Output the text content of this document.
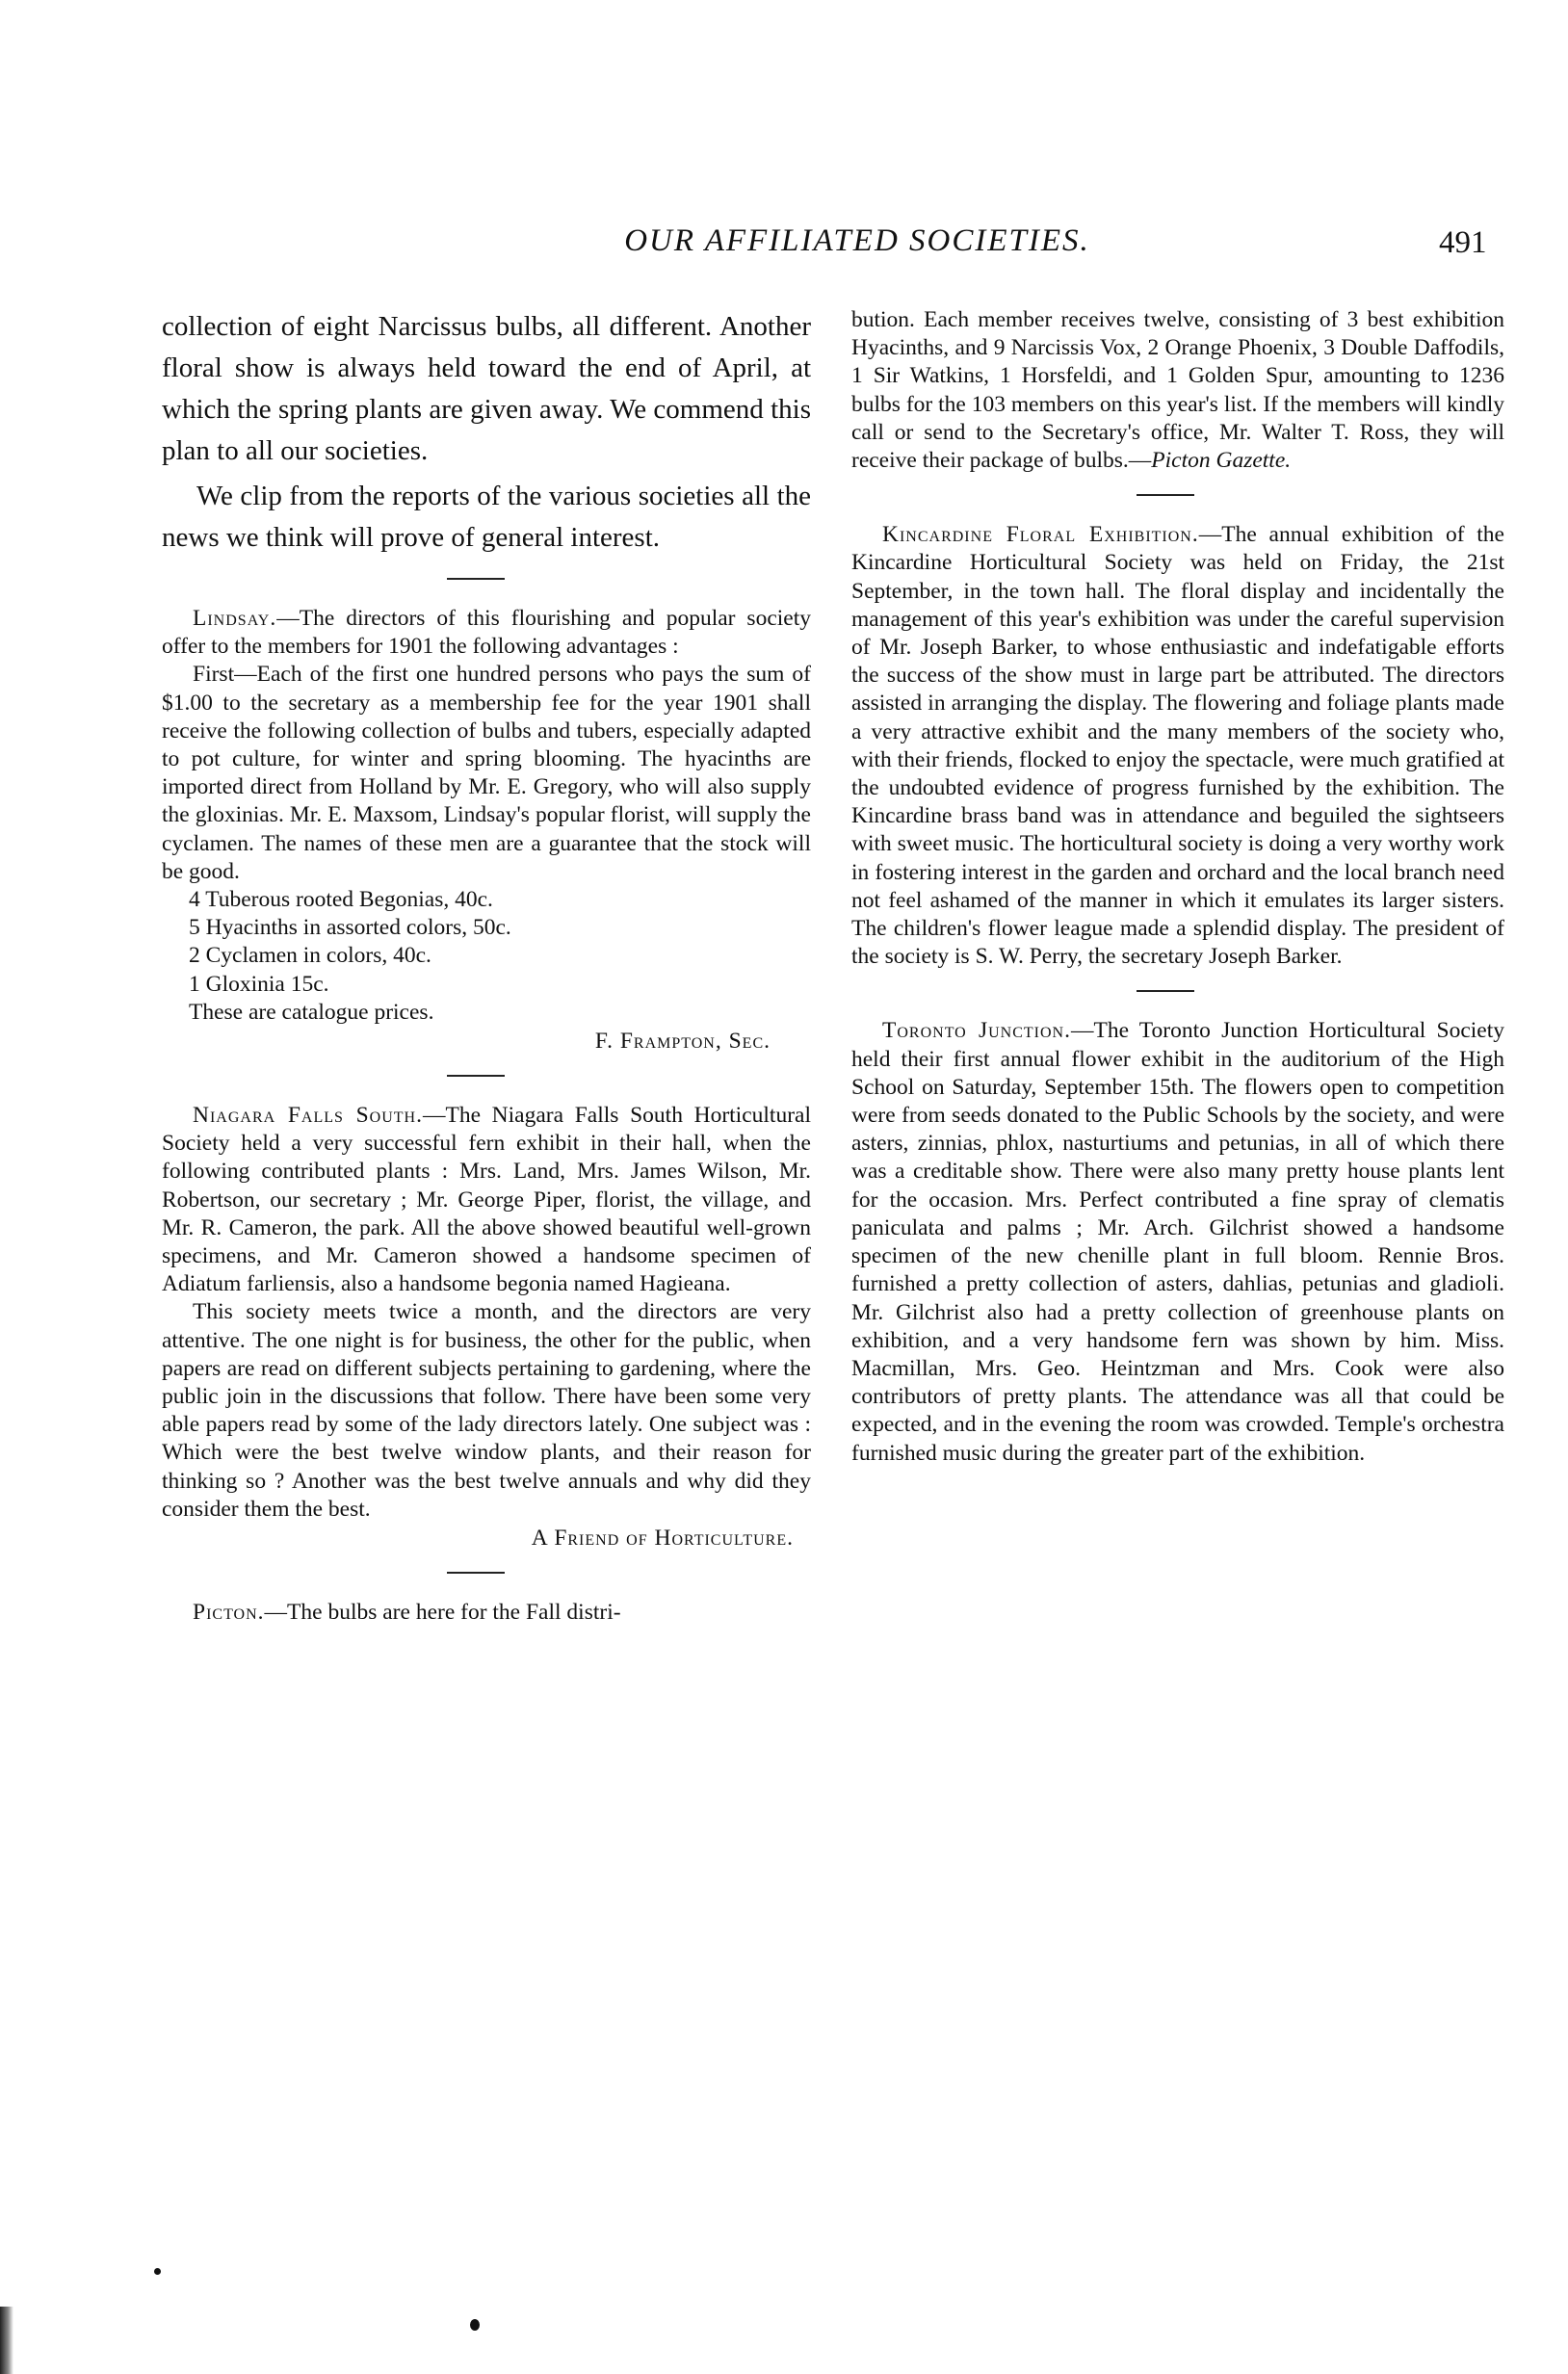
OUR AFFILIATED SOCIETIES.	491

collection of eight Narcissus bulbs, all different. Another floral show is always held toward the end of April, at which the spring plants are given away. We commend this plan to all our societies.

We clip from the reports of the various societies all the news we think will prove of general interest.

Lindsay.—The directors of this flourishing and popular society offer to the members for 1901 the following advantages :

First—Each of the first one hundred persons who pays the sum of $1.00 to the secretary as a membership fee for the year 1901 shall receive the following collection of bulbs and tubers, especially adapted to pot culture, for winter and spring blooming. The hyacinths are imported direct from Holland by Mr. E. Gregory, who will also supply the gloxinias. Mr. E. Maxsom, Lindsay's popular florist, will supply the cyclamen. The names of these men are a guarantee that the stock will be good.

4 Tuberous rooted Begonias, 40c.

5 Hyacinths in assorted colors, 50c.

2 Cyclamen in colors, 40c.

1 Gloxinia 15c.

These are catalogue prices.

F. Frampton, Sec.

Niagara Falls South.—The Niagara Falls South Horticultural Society held a very successful fern exhibit in their hall, when the following contributed plants : Mrs. Land, Mrs. James Wilson, Mr. Robertson, our secretary ; Mr. George Piper, florist, the village, and Mr. R. Cameron, the park. All the above showed beautiful well-grown specimens, and Mr. Cameron showed a handsome specimen of Adiatum farliensis, also a handsome begonia named Hagieana.

This society meets twice a month, and the directors are very attentive. The one night is for business, the other for the public, when papers are read on different subjects pertaining to gardening, where the public join in the discussions that follow. There have been some very able papers read by some of the lady directors lately. One subject was : Which were the best twelve window plants, and their reason for thinking so ? Another was the best twelve annuals and why did they consider them the best.

A Friend of Horticulture.

Picton.—The bulbs are here for the Fall distri-

bution. Each member receives twelve, consisting of 3 best exhibition Hyacinths, and 9 Narcissis Vox, 2 Orange Phoenix, 3 Double Daffodils, 1 Sir Watkins, 1 Horsfeldi, and 1 Golden Spur, amounting to 1236 bulbs for the 103 members on this year's list. If the members will kindly call or send to the Secretary's office, Mr. Walter T. Ross, they will receive their package of bulbs.—Picton Gazette.

Kincardine Floral Exhibition.—The annual exhibition of the Kincardine Horticultural Society was held on Friday, the 21st September, in the town hall. The floral display and incidentally the management of this year's exhibition was under the careful supervision of Mr. Joseph Barker, to whose enthusiastic and indefatigable efforts the success of the show must in large part be attributed. The directors assisted in arranging the display. The flowering and foliage plants made a very attractive exhibit and the many members of the society who, with their friends, flocked to enjoy the spectacle, were much gratified at the undoubted evidence of progress furnished by the exhibition. The Kincardine brass band was in attendance and beguiled the sightseers with sweet music. The horticultural society is doing a very worthy work in fostering interest in the garden and orchard and the local branch need not feel ashamed of the manner in which it emulates its larger sisters. The children's flower league made a splendid display. The president of the society is S. W. Perry, the secretary Joseph Barker.

Toronto Junction.—The Toronto Junction Horticultural Society held their first annual flower exhibit in the auditorium of the High School on Saturday, September 15th. The flowers open to competition were from seeds donated to the Public Schools by the society, and were asters, zinnias, phlox, nasturtiums and petunias, in all of which there was a creditable show. There were also many pretty house plants lent for the occasion. Mrs. Perfect contributed a fine spray of clematis paniculata and palms ; Mr. Arch. Gilchrist showed a handsome specimen of the new chenille plant in full bloom. Rennie Bros. furnished a pretty collection of asters, dahlias, petunias and gladioli. Mr. Gilchrist also had a pretty collection of greenhouse plants on exhibition, and a very handsome fern was shown by him. Miss. Macmillan, Mrs. Geo. Heintzman and Mrs. Cook were also contributors of pretty plants. The attendance was all that could be expected, and in the evening the room was crowded. Temple's orchestra furnished music during the greater part of the exhibition.
